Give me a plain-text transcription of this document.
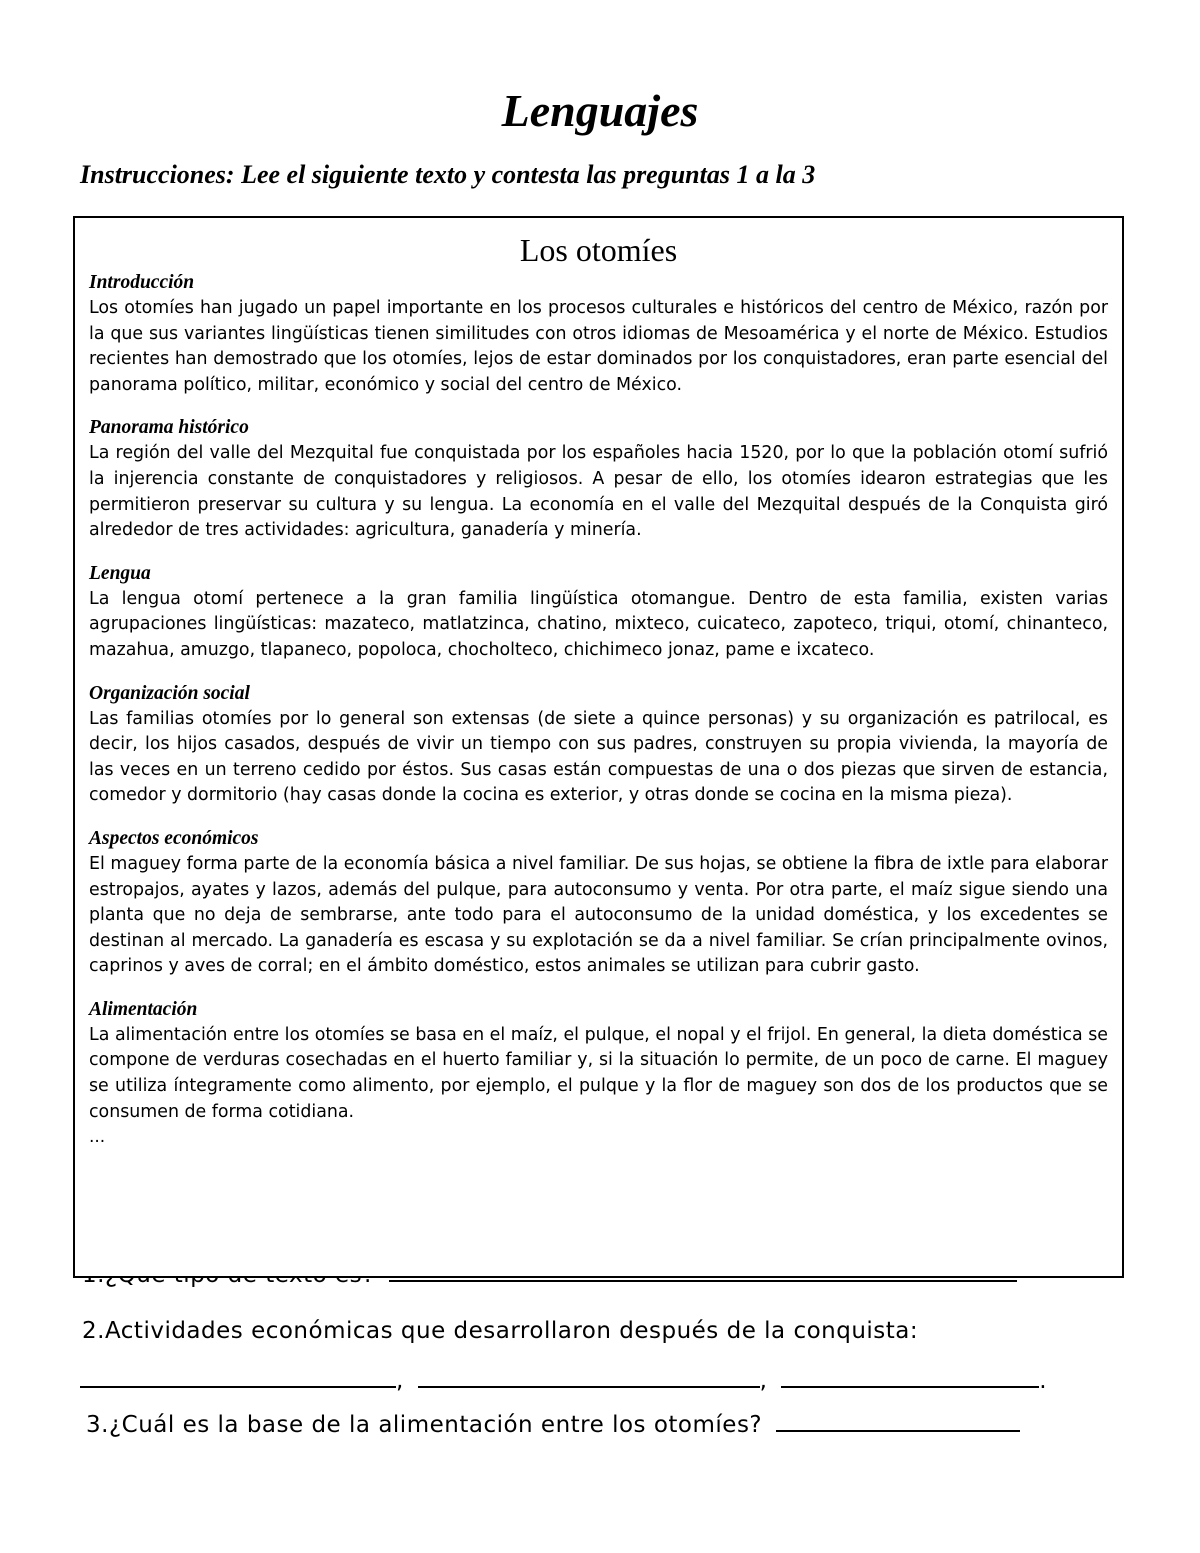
Lenguajes

Instrucciones: Lee el siguiente texto y contesta las preguntas 1 a la 3

Los otomíes

Introducción

Los otomíes han jugado un papel importante en los procesos culturales e históricos del centro de México, razón por la que sus variantes lingüísticas tienen similitudes con otros idiomas de Mesoamérica y el norte de México. Estudios recientes han demostrado que los otomíes, lejos de estar dominados por los conquistadores, eran parte esencial del panorama político, militar, económico y social del centro de México.

Panorama histórico

La región del valle del Mezquital fue conquistada por los españoles hacia 1520, por lo que la población otomí sufrió la injerencia constante de conquistadores y religiosos. A pesar de ello, los otomíes idearon estrategias que les permitieron preservar su cultura y su lengua. La economía en el valle del Mezquital después de la Conquista giró alrededor de tres actividades: agricultura, ganadería y minería.

Lengua

La lengua otomí pertenece a la gran familia lingüística otomangue. Dentro de esta familia, existen varias agrupaciones lingüísticas: mazateco, matlatzinca, chatino, mixteco, cuicateco, zapoteco, triqui, otomí, chinanteco, mazahua, amuzgo, tlapaneco, popoloca, chocholteco, chichimeco jonaz, pame e ixcateco.

Organización social

Las familias otomíes por lo general son extensas (de siete a quince personas) y su organización es patrilocal, es decir, los hijos casados, después de vivir un tiempo con sus padres, construyen su propia vivienda, la mayoría de las veces en un terreno cedido por éstos. Sus casas están compuestas de una o dos piezas que sirven de estancia, comedor y dormitorio (hay casas donde la cocina es exterior, y otras donde se cocina en la misma pieza).

Aspectos económicos

El maguey forma parte de la economía básica a nivel familiar. De sus hojas, se obtiene la fibra de ixtle para elaborar estropajos, ayates y lazos, además del pulque, para autoconsumo y venta. Por otra parte, el maíz sigue siendo una planta que no deja de sembrarse, ante todo para el autoconsumo de la unidad doméstica, y los excedentes se destinan al mercado. La ganadería es escasa y su explotación se da a nivel familiar. Se crían principalmente ovinos, caprinos y aves de corral; en el ámbito doméstico, estos animales se utilizan para cubrir gasto.

Alimentación

La alimentación entre los otomíes se basa en el maíz, el pulque, el nopal y el frijol. En general, la dieta doméstica se compone de verduras cosechadas en el huerto familiar y, si la situación lo permite, de un poco de carne. El maguey se utiliza íntegramente como alimento, por ejemplo, el pulque y la flor de maguey son dos de los productos que se consumen de forma cotidiana.

...

2.Actividades económicas que desarrollaron después de la conquista:
,	,	.
3.¿Cuál es la base de la alimentación entre los otomíes?
